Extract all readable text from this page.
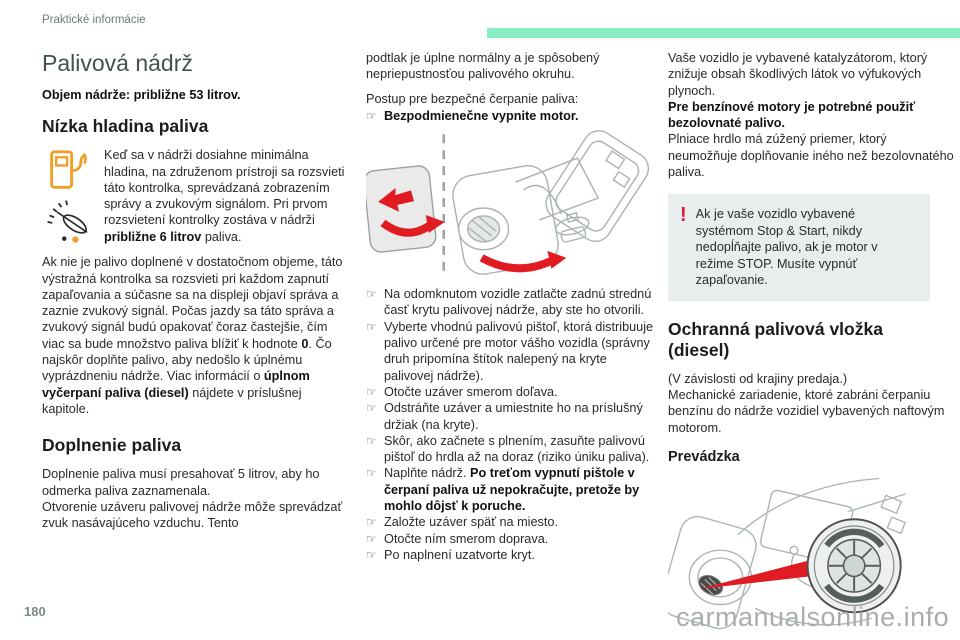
Praktické informácie
Palivová nádrž

Objem nádrže: približne 53 litrov.

Nízka hladina paliva
Keď sa v nádrži dosiahne minimálna hladina, na združenom prístroji sa rozsvieti táto kontrolka, sprevádzaná zobrazením správy a zvukovým signálom. Pri prvom rozsvietení kontrolky zostáva v nádrži približne 6 litrov paliva.

Ak nie je palivo doplnené v dostatočnom objeme, táto výstražná kontrolka sa rozsvieti pri každom zapnutí zapaľovania a súčasne sa na displeji objaví správa a zaznie zvukový signál. Počas jazdy sa táto správa a zvukový signál budú opakovať čoraz častejšie, čím viac sa bude množstvo paliva blížiť k hodnote 0. Čo najskôr doplňte palivo, aby nedošlo k úplnému vyprázdneniu nádrže. Viac informácií o úplnom vyčerpaní paliva (diesel) nájdete v príslušnej kapitole.

Doplnenie paliva

Doplnenie paliva musí presahovať 5 litrov, aby ho odmerka paliva zaznamenala.
Otvorenie uzáveru palivovej nádrže môže sprevádzať zvuk nasávajúceho vzduchu. Tento

podtlak je úplne normálny a je spôsobený nepriepustnosťou palivového okruhu.

Postup pre bezpečné čerpanie paliva:

☞ Bezpodmienečne vypnite motor.
☞ Na odomknutom vozidle zatlačte zadnú strednú časť krytu palivovej nádrže, aby ste ho otvorili.
☞ Vyberte vhodnú palivovú pištoľ, ktorá distribuuje palivo určené pre motor vášho vozidla (správny druh pripomína štítok nalepený na kryte palivovej nádrže).
☞ Otočte uzáver smerom doľava.
☞ Odstráňte uzáver a umiestnite ho na príslušný držiak (na kryte).
☞ Skôr, ako začnete s plnením, zasuňte palivovú pištoľ do hrdla až na doraz (riziko úniku paliva).
☞ Naplňte nádrž. Po treťom vypnutí pištole v čerpaní paliva už nepokračujte, pretože by mohlo dôjsť k poruche.
☞ Založte uzáver späť na miesto.
☞ Otočte ním smerom doprava.
☞ Po naplnení uzatvorte kryt.

Vaše vozidlo je vybavené katalyzátorom, ktorý znižuje obsah škodlivých látok vo výfukových plynoch.
Pre benzínové motory je potrebné použiť bezolovnaté palivo.
Plniace hrdlo má zúžený priemer, ktorý neumožňuje doplňovanie iného než bezolovnatého paliva.

! Ak je vaše vozidlo vybavené systémom Stop & Start, nikdy nedopĺňajte palivo, ak je motor v režime STOP. Musíte vypnúť zapaľovanie.
Ochranná palivová vložka (diesel)

(V závislosti od krajiny predaja.)
Mechanické zariadenie, ktoré zabráni čerpaniu benzínu do nádrže vozidiel vybavených naftovým motorom.

Prevádzka
180	carmanualsonline.info
